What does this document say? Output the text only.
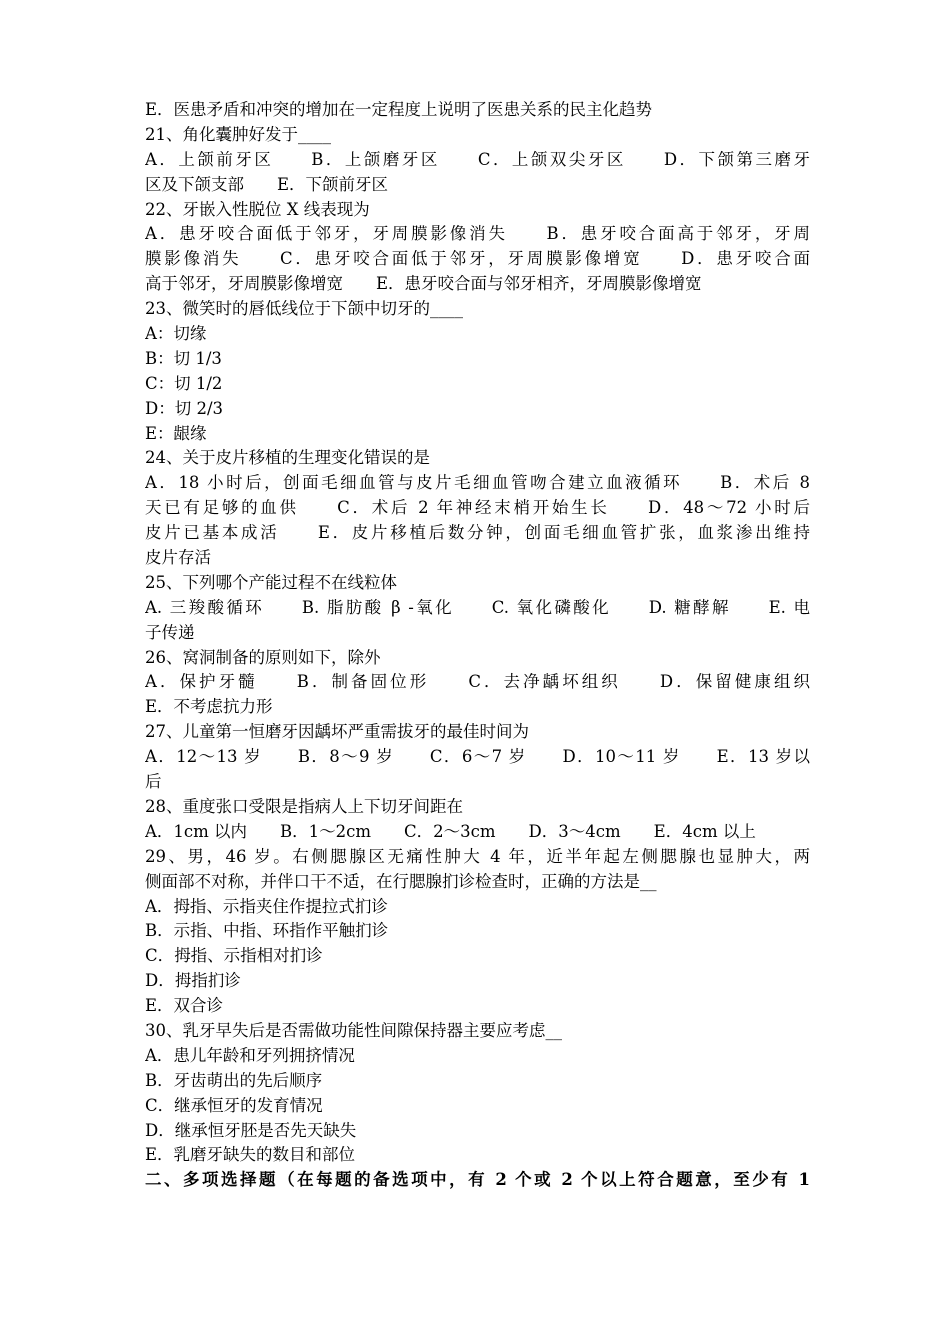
E．医患矛盾和冲突的增加在一定程度上说明了医患关系的民主化趋势
21、角化囊肿好发于____
A．上颌前牙区　　B．上颌磨牙区　　C．上颌双尖牙区　　D．下颌第三磨牙
区及下颌支部　　E．下颌前牙区
22、牙嵌入性脱位 X 线表现为
A．患牙咬合面低于邻牙，牙周膜影像消失　　B．患牙咬合面高于邻牙，牙周
膜影像消失　　C．患牙咬合面低于邻牙，牙周膜影像增宽　　D．患牙咬合面
高于邻牙，牙周膜影像增宽　　E．患牙咬合面与邻牙相齐，牙周膜影像增宽
23、微笑时的唇低线位于下颌中切牙的____
A：切缘
B：切 1/3
C：切 1/2
D：切 2/3
E：龈缘
24、关于皮片移植的生理变化错误的是
A．18 小时后，创面毛细血管与皮片毛细血管吻合建立血液循环　　B．术后 8
天已有足够的血供　　C．术后 2 年神经末梢开始生长　　D．48～72 小时后
皮片已基本成活　　E．皮片移植后数分钟，创面毛细血管扩张，血浆渗出维持
皮片存活
25、下列哪个产能过程不在线粒体
A. 三羧酸循环　　B. 脂肪酸 β -氧化　　C. 氧化磷酸化　　D. 糖酵解　　E. 电
子传递
26、窝洞制备的原则如下，除外
A．保护牙髓　　B．制备固位形　　C．去净龋坏组织　　D．保留健康组织
E．不考虑抗力形
27、儿童第一恒磨牙因龋坏严重需拔牙的最佳时间为
A．12～13 岁　　B．8～9 岁　　C．6～7 岁　　D．10～11 岁　　E．13 岁以
后
28、重度张口受限是指病人上下切牙间距在
A．1cm 以内　　B．1～2cm　　C．2～3cm　　D．3～4cm　　E．4cm 以上
29、男，46 岁。右侧腮腺区无痛性肿大 4 年，近半年起左侧腮腺也显肿大，两
侧面部不对称，并伴口干不适，在行腮腺扪诊检查时，正确的方法是__
A．拇指、示指夹住作提拉式扪诊
B．示指、中指、环指作平触扪诊
C．拇指、示指相对扪诊
D．拇指扪诊
E．双合诊
30、乳牙早失后是否需做功能性间隙保持器主要应考虑__
A．患儿年龄和牙列拥挤情况
B．牙齿萌出的先后顺序
C．继承恒牙的发育情况
D．继承恒牙胚是否先天缺失
E．乳磨牙缺失的数目和部位
二、多项选择题（在每题的备选项中，有 2 个或 2 个以上符合题意，至少有 1
